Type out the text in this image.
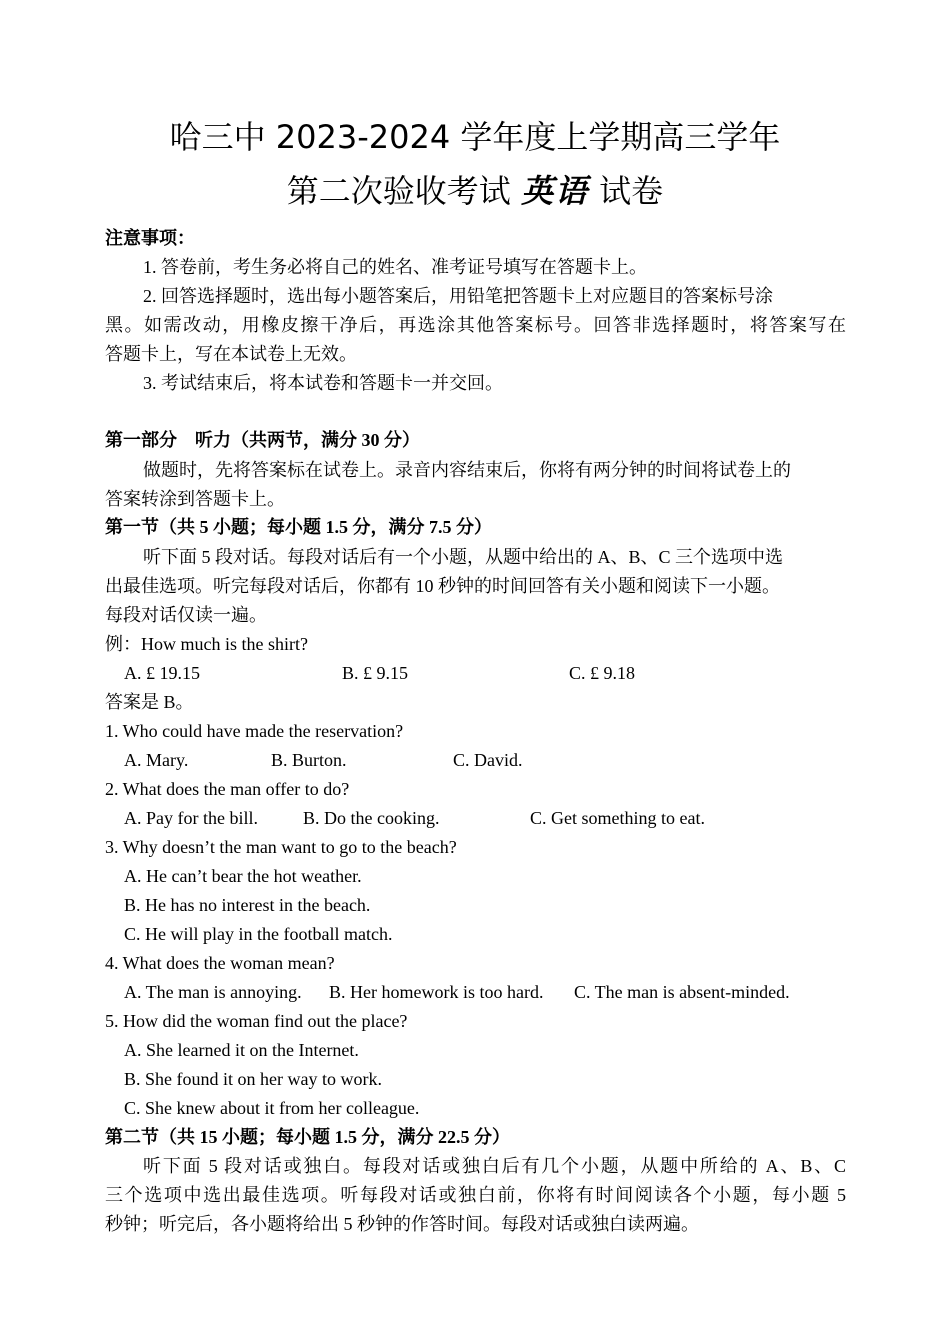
哈三中 2023-2024 学年度上学期高三学年
第二次验收考试 英语 试卷
注意事项：
1. 答卷前，考生务必将自己的姓名、准考证号填写在答题卡上。
2. 回答选择题时，选出每小题答案后，用铅笔把答题卡上对应题目的答案标号涂
黑。如需改动，用橡皮擦干净后，再选涂其他答案标号。回答非选择题时，将答案写在
答题卡上，写在本试卷上无效。
3. 考试结束后，将本试卷和答题卡一并交回。
第一部分    听力（共两节，满分 30 分）
做题时，先将答案标在试卷上。录音内容结束后，你将有两分钟的时间将试卷上的
答案转涂到答题卡上。
第一节（共 5 小题；每小题 1.5 分，满分 7.5 分）
听下面 5 段对话。每段对话后有一个小题，从题中给出的 A、B、C 三个选项中选
出最佳选项。听完每段对话后，你都有 10 秒钟的时间回答有关小题和阅读下一小题。
每段对话仅读一遍。
例：How much is the shirt?
A. £ 19.15	B. £ 9.15	C. £ 9.18
答案是 B。
1. Who could have made the reservation?
A. Mary.	B. Burton.	C. David.
2. What does the man offer to do?
A. Pay for the bill.	B. Do the cooking.	C. Get something to eat.
3. Why doesn’t the man want to go to the beach?
A. He can’t bear the hot weather.
B. He has no interest in the beach.
C. He will play in the football match.
4. What does the woman mean?
A. The man is annoying. B. Her homework is too hard. C. The man is absent-minded.
5. How did the woman find out the place?
A. She learned it on the Internet.
B. She found it on her way to work.
C. She knew about it from her colleague.
第二节（共 15 小题；每小题 1.5 分，满分 22.5 分）
听下面 5 段对话或独白。每段对话或独白后有几个小题，从题中所给的 A、B、C
三个选项中选出最佳选项。听每段对话或独白前，你将有时间阅读各个小题，每小题 5
秒钟；听完后，各小题将给出 5 秒钟的作答时间。每段对话或独白读两遍。
